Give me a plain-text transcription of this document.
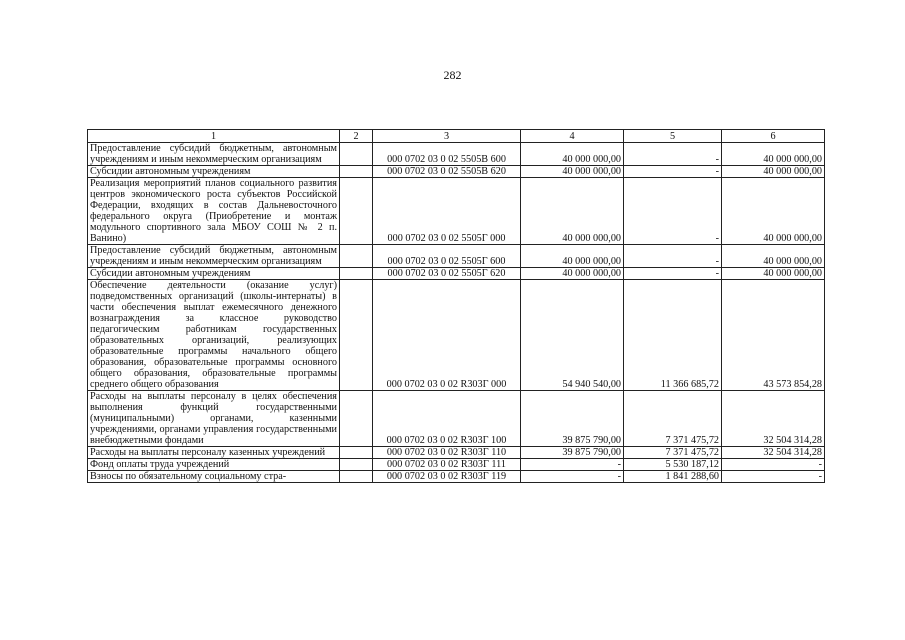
282
1	2	3	4	5	6
Предоставление субсидий бюджетным, автономным учреждениям и иным некоммерческим организациям		000 0702 03 0 02 5505В 600	40 000 000,00	-	40 000 000,00
Субсидии автономным учреждениям		000 0702 03 0 02 5505В 620	40 000 000,00	-	40 000 000,00
Реализация мероприятий планов социального развития центров экономического роста субъектов Российской Федерации, входящих в состав Дальневосточного федерального округа (Приобретение и монтаж модульного спортивного зала МБОУ СОШ № 2 п. Ванино)		000 0702 03 0 02 5505Г 000	40 000 000,00	-	40 000 000,00
Предоставление субсидий бюджетным, автономным учреждениям и иным некоммерческим организациям		000 0702 03 0 02 5505Г 600	40 000 000,00	-	40 000 000,00
Субсидии автономным учреждениям		000 0702 03 0 02 5505Г 620	40 000 000,00	-	40 000 000,00
Обеспечение деятельности (оказание услуг) подведомственных организаций (школы-интернаты) в части обеспечения выплат ежемесячного денежного вознаграждения за классное руководство педагогическим работникам государственных образовательных организаций, реализующих образовательные программы начального общего образования, образовательные программы основного общего образования, образовательные программы среднего общего образования		000 0702 03 0 02 R303Г 000	54 940 540,00	11 366 685,72	43 573 854,28
Расходы на выплаты персоналу в целях обеспечения выполнения функций государственными (муниципальными) органами, казенными учреждениями, органами управления государственными внебюджетными фондами		000 0702 03 0 02 R303Г 100	39 875 790,00	7 371 475,72	32 504 314,28
Расходы на выплаты персоналу казенных учреждений		000 0702 03 0 02 R303Г 110	39 875 790,00	7 371 475,72	32 504 314,28
Фонд оплаты труда учреждений		000 0702 03 0 02 R303Г 111	-	5 530 187,12	-
Взносы по обязательному социальному стра-		000 0702 03 0 02 R303Г 119	-	1 841 288,60	-
